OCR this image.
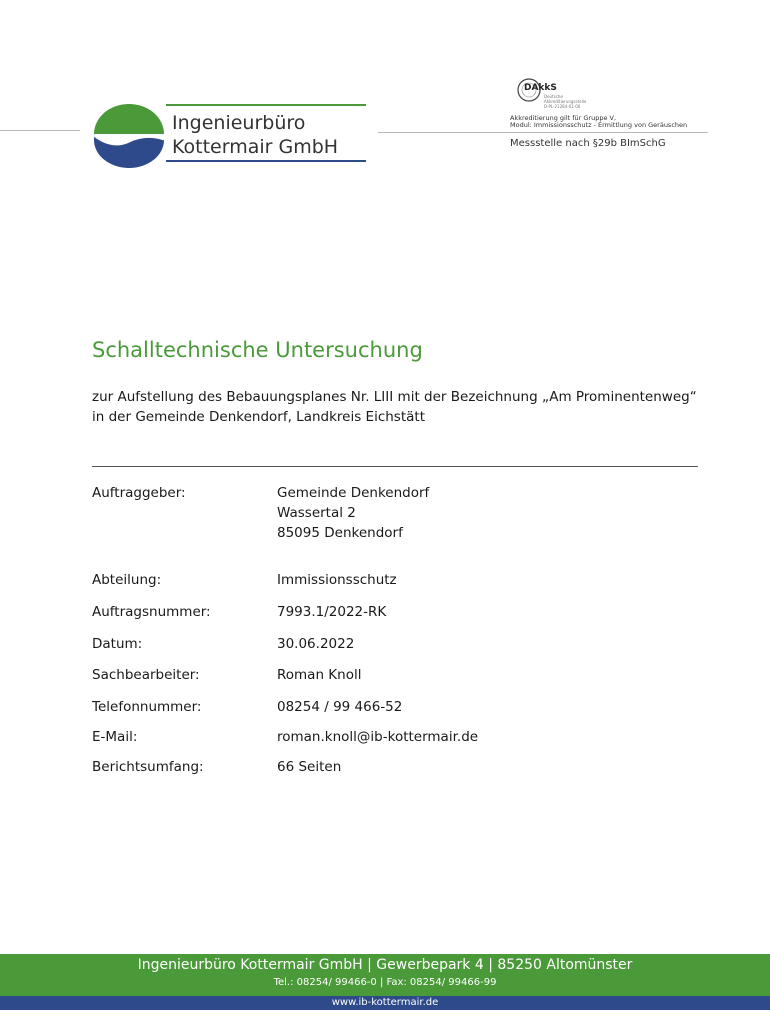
Ingenieurbüro
Kottermair GmbH
DAkkS
Deutsche
Akkreditierungsstelle
D-PL-21284-01-00
Akkreditierung gilt für Gruppe V,
Modul: Immissionsschutz - Ermittlung von Geräuschen
Messstelle nach §29b BImSchG
Schalltechnische Untersuchung
zur Aufstellung des Bebauungsplanes Nr. LIII mit der Bezeichnung „Am Prominentenweg“
in der Gemeinde Denkendorf, Landkreis Eichstätt
Auftraggeber:	Gemeinde Denkendorf
Wassertal 2
85095 Denkendorf
Abteilung:	Immissionsschutz
Auftragsnummer:	7993.1/2022-RK
Datum:	30.06.2022
Sachbearbeiter:	Roman Knoll
Telefonnummer:	08254 / 99 466-52
E-Mail:	roman.knoll@ib-kottermair.de
Berichtsumfang:	66 Seiten
Ingenieurbüro Kottermair GmbH | Gewerbepark 4 | 85250 Altomünster
Tel.: 08254/ 99466-0 | Fax: 08254/ 99466-99
www.ib-kottermair.de
